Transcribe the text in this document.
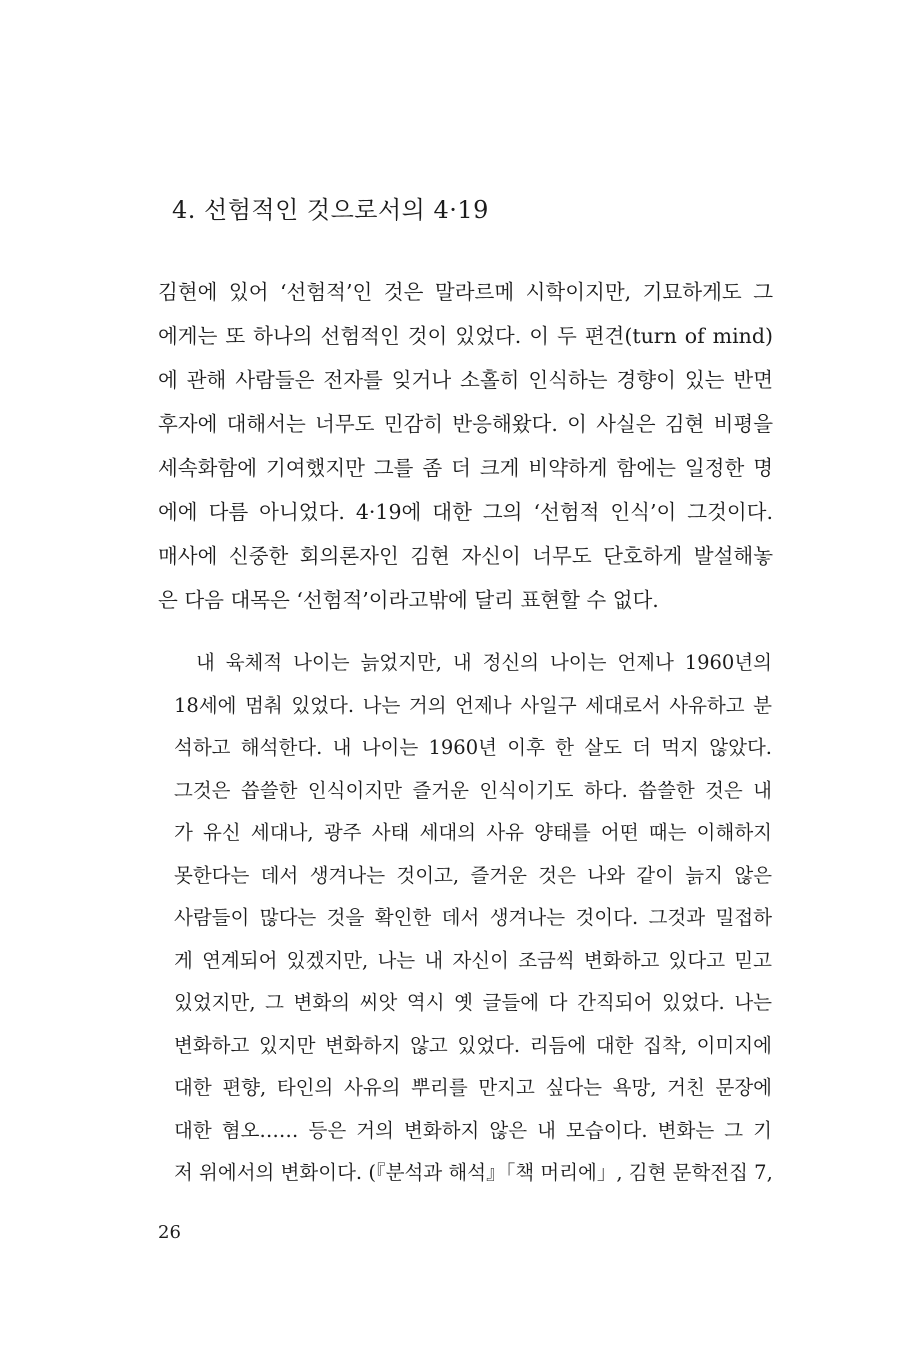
4. 선험적인 것으로서의 4·19
김현에 있어 ‘선험적’인 것은 말라르메 시학이지만, 기묘하게도 그
에게는 또 하나의 선험적인 것이 있었다. 이 두 편견(turn of mind)
에 관해 사람들은 전자를 잊거나 소홀히 인식하는 경향이 있는 반면
후자에 대해서는 너무도 민감히 반응해왔다. 이 사실은 김현 비평을
세속화함에 기여했지만 그를 좀 더 크게 비약하게 함에는 일정한 명
에에 다름 아니었다. 4·19에 대한 그의 ‘선험적 인식’이 그것이다.
매사에 신중한 회의론자인 김현 자신이 너무도 단호하게 발설해놓
은 다음 대목은 ‘선험적’이라고밖에 달리 표현할 수 없다.
내 육체적 나이는 늙었지만, 내 정신의 나이는 언제나 1960년의
18세에 멈춰 있었다. 나는 거의 언제나 사일구 세대로서 사유하고 분
석하고 해석한다. 내 나이는 1960년 이후 한 살도 더 먹지 않았다.
그것은 씁쓸한 인식이지만 즐거운 인식이기도 하다. 씁쓸한 것은 내
가 유신 세대나, 광주 사태 세대의 사유 양태를 어떤 때는 이해하지
못한다는 데서 생겨나는 것이고, 즐거운 것은 나와 같이 늙지 않은
사람들이 많다는 것을 확인한 데서 생겨나는 것이다. 그것과 밀접하
게 연계되어 있겠지만, 나는 내 자신이 조금씩 변화하고 있다고 믿고
있었지만, 그 변화의 씨앗 역시 옛 글들에 다 간직되어 있었다. 나는
변화하고 있지만 변화하지 않고 있었다. 리듬에 대한 집착, 이미지에
대한 편향, 타인의 사유의 뿌리를 만지고 싶다는 욕망, 거친 문장에
대한 혐오…… 등은 거의 변화하지 않은 내 모습이다. 변화는 그 기
저 위에서의 변화이다. (『분석과 해석』「책 머리에」, 김현 문학전집 7,
26
